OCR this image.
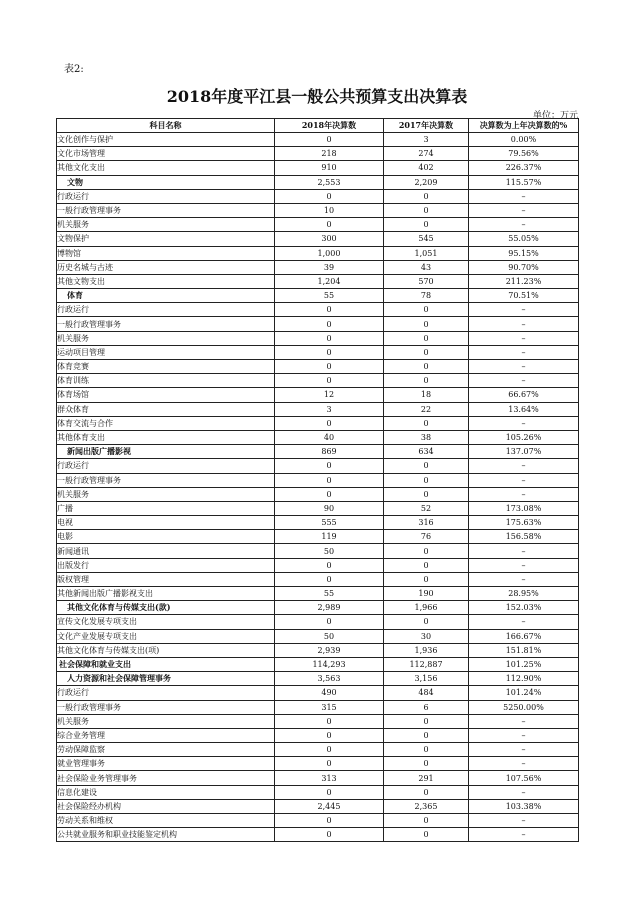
表2:
2018年度平江县一般公共预算支出决算表
单位：万元
科目名称	2018年决算数	2017年决算数	决算数为上年决算数的%
文化创作与保护	0	3	0.00%
文化市场管理	218	274	79.56%
其他文化支出	910	402	226.37%
文物	2,553	2,209	115.57%
行政运行	0	0	–
一般行政管理事务	10	0	–
机关服务	0	0	–
文物保护	300	545	55.05%
博物馆	1,000	1,051	95.15%
历史名城与古迹	39	43	90.70%
其他文物支出	1,204	570	211.23%
体育	55	78	70.51%
行政运行	0	0	–
一般行政管理事务	0	0	–
机关服务	0	0	–
运动项目管理	0	0	–
体育竞赛	0	0	–
体育训练	0	0	–
体育场馆	12	18	66.67%
群众体育	3	22	13.64%
体育交流与合作	0	0	–
其他体育支出	40	38	105.26%
新闻出版广播影视	869	634	137.07%
行政运行	0	0	–
一般行政管理事务	0	0	–
机关服务	0	0	–
广播	90	52	173.08%
电视	555	316	175.63%
电影	119	76	156.58%
新闻通讯	50	0	–
出版发行	0	0	–
版权管理	0	0	–
其他新闻出版广播影视支出	55	190	28.95%
其他文化体育与传媒支出(款)	2,989	1,966	152.03%
宣传文化发展专项支出	0	0	–
文化产业发展专项支出	50	30	166.67%
其他文化体育与传媒支出(项)	2,939	1,936	151.81%
社会保障和就业支出	114,293	112,887	101.25%
人力资源和社会保障管理事务	3,563	3,156	112.90%
行政运行	490	484	101.24%
一般行政管理事务	315	6	5250.00%
机关服务	0	0	–
综合业务管理	0	0	–
劳动保障监察	0	0	–
就业管理事务	0	0	–
社会保险业务管理事务	313	291	107.56%
信息化建设	0	0	–
社会保险经办机构	2,445	2,365	103.38%
劳动关系和维权	0	0	–
公共就业服务和职业技能鉴定机构	0	0	–
